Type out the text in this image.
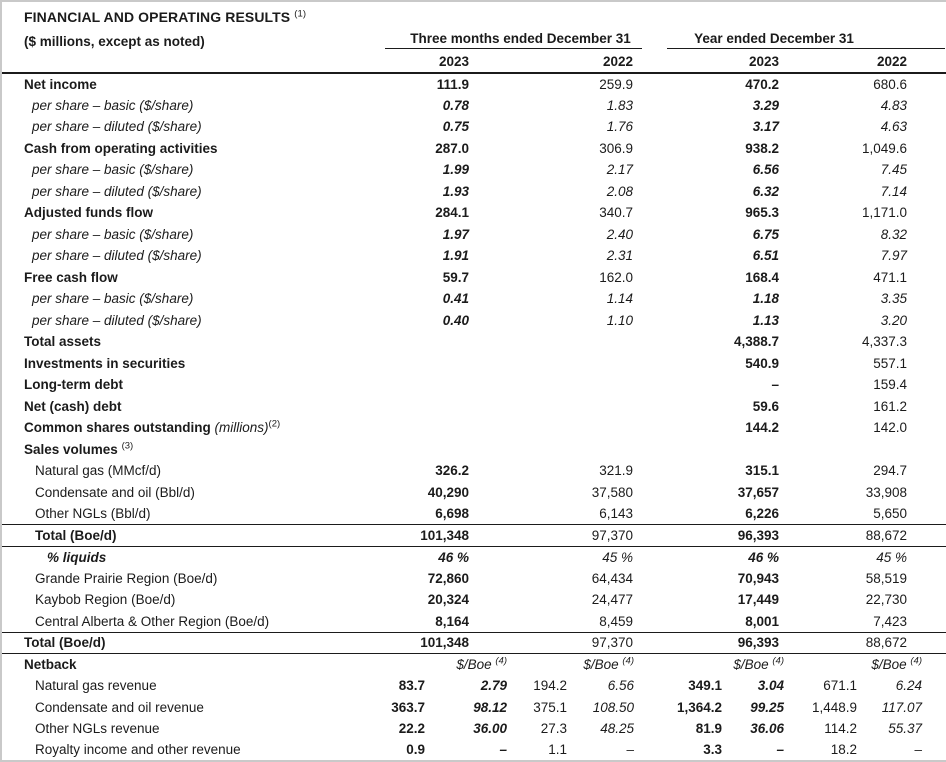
FINANCIAL AND OPERATING RESULTS $^{(1)}$
($ millions, except as noted)	Three months ended December 31				Year ended December 31				

	2023		2022		2023		2022		
Net income	111.9		259.9		470.2		680.6		
per share – basic ($/share)	0.78		1.83		3.29		4.83		
per share – diluted ($/share)	0.75		1.76		3.17		4.63		
Cash from operating activities	287.0		306.9		938.2		1,049.6		
per share – basic ($/share)	1.99		2.17		6.56		7.45		
per share – diluted ($/share)	1.93		2.08		6.32		7.14		
Adjusted funds flow	284.1		340.7		965.3		1,171.0		
per share – basic ($/share)	1.97		2.40		6.75		8.32		
per share – diluted ($/share)	1.91		2.31		6.51		7.97		
Free cash flow	59.7		162.0		168.4		471.1		
per share – basic ($/share)	0.41		1.14		1.18		3.35		
per share – diluted ($/share)	0.40		1.10		1.13		3.20		
Total assets					4,388.7		4,337.3		
Investments in securities					540.9		557.1		
Long-term debt					–		159.4		
Net (cash) debt					59.6		161.2		
Common shares outstanding (millions)$^{(2)}$					144.2		142.0		
Sales volumes $^{(3)}$					
Natural gas (MMcf/d)	326.2		321.9		315.1		294.7		
Condensate and oil (Bbl/d)	40,290		37,580		37,657		33,908		
Other NGLs (Bbl/d)	6,698		6,143		6,226		5,650		
Total (Boe/d)	101,348		97,370		96,393		88,672		
% liquids	46 %		45 %		46 %		45 %		
Grande Prairie Region (Boe/d)	72,860		64,434		70,943		58,519		
Kaybob Region (Boe/d)	20,324		24,477		17,449		22,730		
Central Alberta & Other Region (Boe/d)	8,164		8,459		8,001		7,423		
Total (Boe/d)	101,348		97,370		96,393		88,672		
Netback		$/Boe $^{(4)}$		$/Boe $^{(4)}$		$/Boe $^{(4)}$		$/Boe $^{(4)}$	
Natural gas revenue	83.7	2.79	194.2	6.56	349.1	3.04	671.1	6.24	
Condensate and oil revenue	363.7	98.12	375.1	108.50	1,364.2	99.25	1,448.9	117.07	
Other NGLs revenue	22.2	36.00	27.3	48.25	81.9	36.06	114.2	55.37	
Royalty income and other revenue	0.9	–	1.1	–	3.3	–	18.2	–	
